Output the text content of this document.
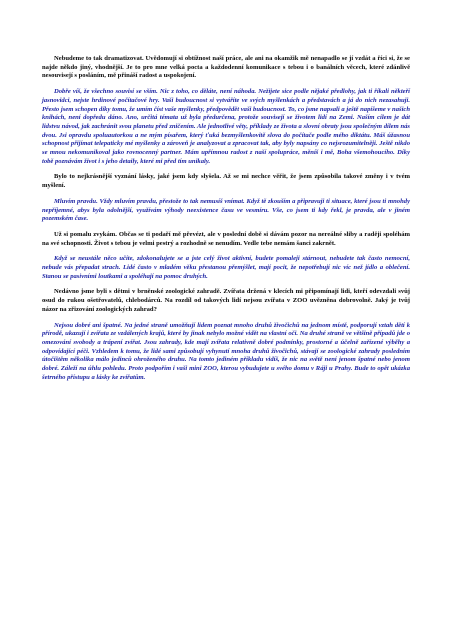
Nebudeme to tak dramatizovat. Uvědomují si obtížnost naší práce, ale ani na okamžik mě nenapadlo se jí vzdát a říci si, že se najde někdo jiný, vhodnější. Je to pro mne velká pocta a každodenní komunikace s tebou i o banálních věcech, které zdánlivě nesouvisejí s posláním, mě přináší radost a uspokojení.

Dobře víš, že všechno souvisí se vším. Nic z toho, co děláte, není náhoda. Nežijete sice podle nějaké předlohy, jak ti říkali někteří jasnovidci, nejste hrdinové počítačové hry. Vaši budoucnost si vytváříte ve svých myšlenkách a představách a já do nich nezasahuji. Přesto jsem schopen díky tomu, že umím číst vaše myšlenky, předpovědět vaši budoucnost. To, co jsme napsali a ještě napíšeme v našich knihách, není dopředu dáno. Ano, určitá témata už byla předurčena, protože souvisejí se životem lidí na Zemi. Naším cílem je dát lidstvu návod, jak zachránit svou planetu před zničením. Ale jednotlivé věty, příklady ze života a slovní obraty jsou společným dílem nás dvou. Jsi opravdu spoluautorkou a ne mým písařem, který ťuká bezmyšlenkovitě slova do počítače podle mého diktátu. Máš úžasnou schopnost přijímat telepaticky mé myšlenky a zároveň je analyzovat a zpracovat tak, aby byly napsány co nejsrozumitelněji. Ještě nikdo se mnou nekomunikoval jako rovnocenný partner. Mám upřímnou radost z naší spolupráce, měníš i mě, Boha všemohoucího. Díky tobě poznávám život i s jeho detaily, které mi před tím unikaly.

Bylo to nejkrásnější vyznání lásky, jaké jsem kdy slyšela. Až se mi nechce věřit, že jsem způsobila takové změny i v tvém myšlení.

Mluvím pravdu. Vždy mluvím pravdu, přestože to tak nemusíš vnímat. Když tě zkouším a připravuji ti situace, které jsou ti mnohdy nepříjemné, abys byla odolnější, využívám výhody neexistence času ve vesmíru. Vše, co jsem ti kdy řekl, je pravda, ale v jiném pozemském čase.

Už si pomalu zvykám. Občas se ti podaří mě převézt, ale v poslední době si dávám pozor na nereálné sliby a raději spoléhám na své schopnosti. Život s tebou je velmi pestrý a rozhodně se nenudím. Vedle tebe nemám šanci zakrnět.

Když se neustále něco učíte, zdokonalujete se a jste celý život aktivní, budete pomaleji stárnout, nebudete tak často nemocní, nebude vás přepadat strach. Lidé často v mladém věku přestanou přemýšlet, mají pocit, že nepotřebují nic víc než jídlo a oblečení. Stanou se pasivními loutkami a spoléhají na pomoc druhých.

Nedávno jsme byli s dětmi v brněnské zoologické zahradě. Zvířata držená v klecích mi připomínají lidi, kteří odevzdali svůj osud do rukou ošetřovatelů, chlebodárců. Na rozdíl od takových lidí nejsou zvířata v ZOO uvězněna dobrovolně. Jaký je tvůj názor na zřizování zoologických zahrad?

Nejsou dobré ani špatné. Na jedné straně umožňují lidem poznat mnoho druhů živočichů na jednom místě, podporují vztah dětí k přírodě, ukazují i zvířata ze vzdálených krajů, které by jinak nebylo možné vidět na vlastní oči. Na druhé straně ve většině případů jde o omezování svobody a trápení zvířat. Jsou zahrady, kde mají zvířata relativně dobré podmínky, prostorné a účelně zařízené výběhy a odpovídající péči. Vzhledem k tomu, že lidé sami způsobují vyhynutí mnoha druhů živočichů, stávají se zoologické zahrady posledním útočištěm několika málo jedinců ohroženého druhu. Na tomto jediném příkladu vidíš, že nic na světě není jenom špatné nebo jenom dobré. Záleží na úhlu pohledu. Proto podpořím i vaši mini ZOO, kterou vybudujete u svého domu v Ráji u Prahy. Bude to opět ukázka šetrného přístupu a lásky ke zvířatům.
